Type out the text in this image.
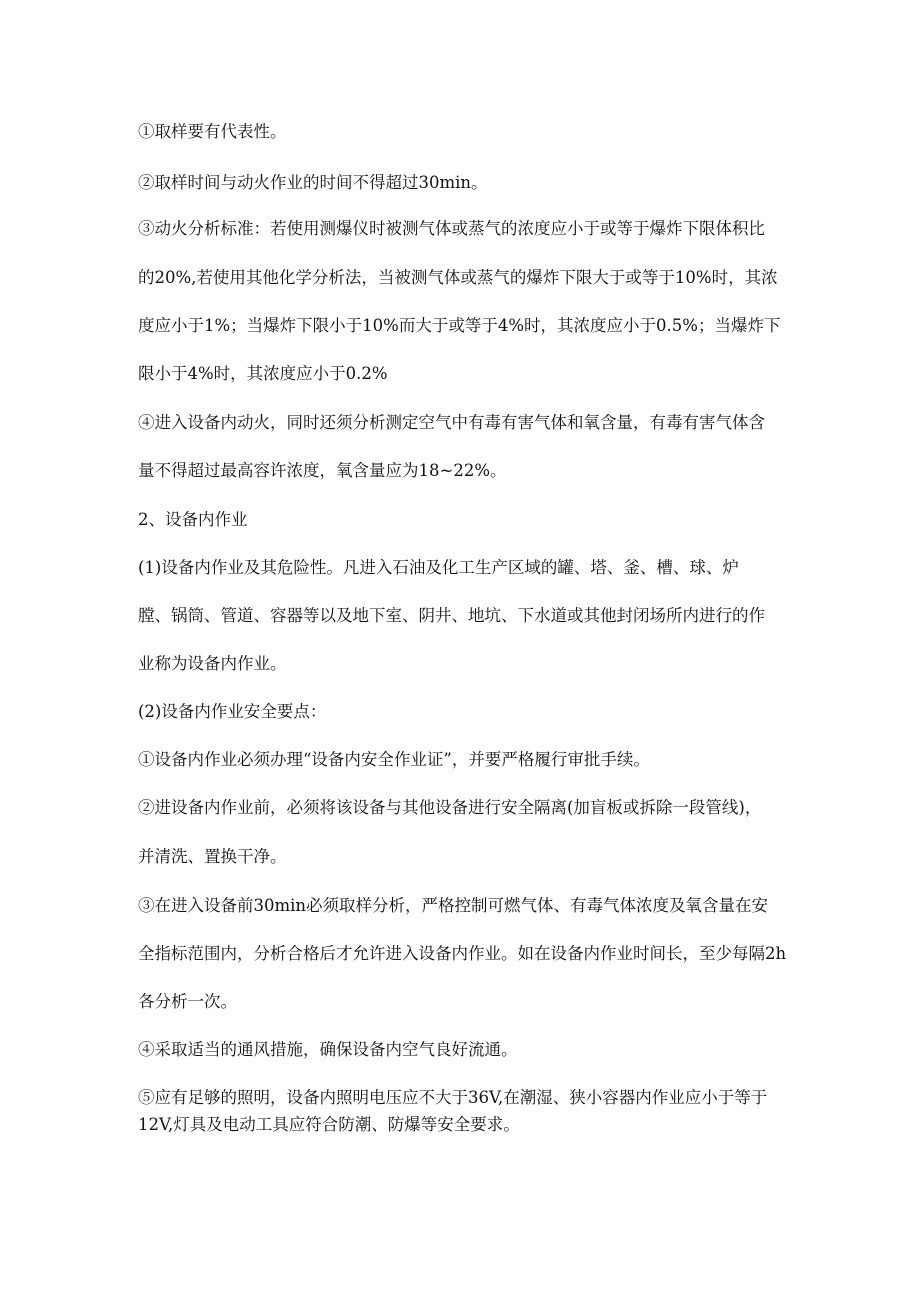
①取样要有代表性。

②取样时间与动火作业的时间不得超过30min。

③动火分析标准：若使用测爆仪时被测气体或蒸气的浓度应小于或等于爆炸下限体积比

的20%,若使用其他化学分析法，当被测气体或蒸气的爆炸下限大于或等于10%时，其浓

度应小于1%；当爆炸下限小于10%而大于或等于4%时，其浓度应小于0.5%；当爆炸下

限小于4%时，其浓度应小于0.2%

④进入设备内动火，同时还须分析测定空气中有毒有害气体和氧含量，有毒有害气体含

量不得超过最高容许浓度，氧含量应为18~22%。

2、设备内作业

(1)设备内作业及其危险性。凡进入石油及化工生产区域的罐、塔、釜、槽、球、炉

膛、锅筒、管道、容器等以及地下室、阴井、地坑、下水道或其他封闭场所内进行的作

业称为设备内作业。

(2)设备内作业安全要点：

①设备内作业必须办理“设备内安全作业证”，并要严格履行审批手续。

②进设备内作业前，必须将该设备与其他设备进行安全隔离(加盲板或拆除一段管线)，

并清洗、置换干净。

③在进入设备前30min必须取样分析，严格控制可燃气体、有毒气体浓度及氧含量在安

全指标范围内，分析合格后才允许进入设备内作业。如在设备内作业时间长，至少每隔2h

各分析一次。

④采取适当的通风措施，确保设备内空气良好流通。

⑤应有足够的照明，设备内照明电压应不大于36V,在潮湿、狭小容器内作业应小于等于

12V,灯具及电动工具应符合防潮、防爆等安全要求。
